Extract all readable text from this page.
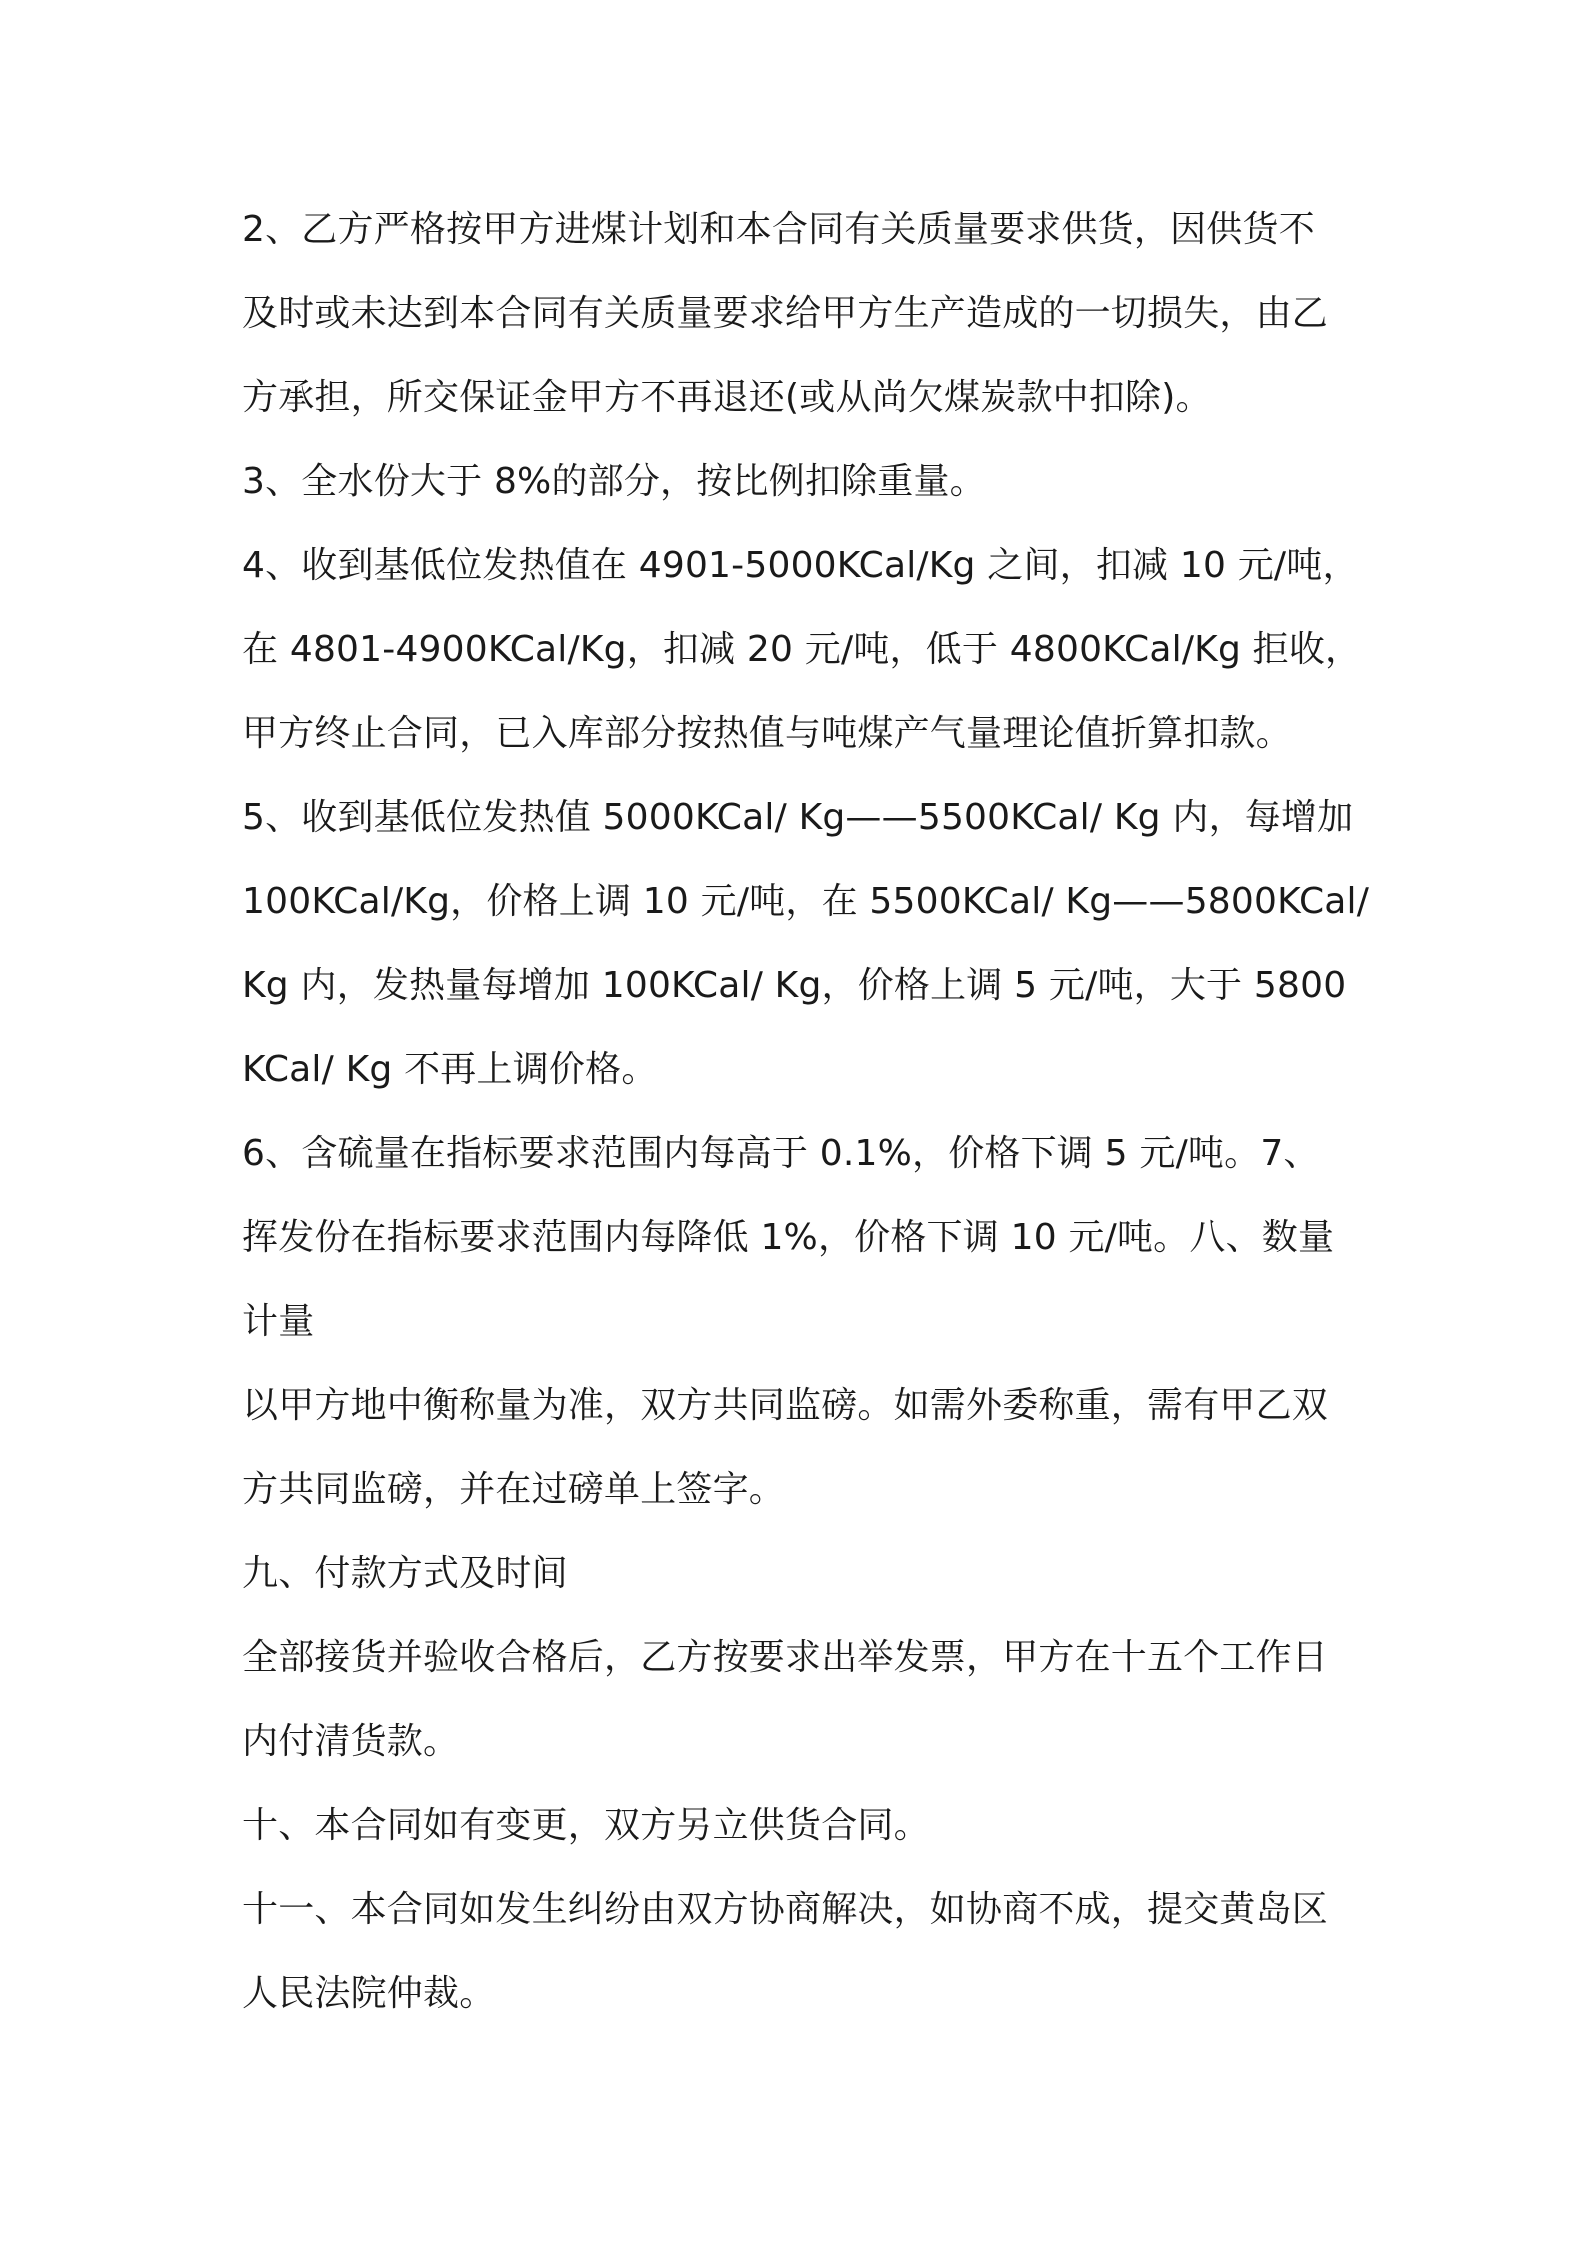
2、乙方严格按甲方进煤计划和本合同有关质量要求供货，因供货不
及时或未达到本合同有关质量要求给甲方生产造成的一切损失，由乙
方承担，所交保证金甲方不再退还(或从尚欠煤炭款中扣除)。
3、全水份大于 8%的部分，按比例扣除重量。
4、收到基低位发热值在 4901-5000KCal/Kg 之间，扣减 10 元/吨，
在 4801-4900KCal/Kg，扣减 20 元/吨，低于 4800KCal/Kg 拒收，
甲方终止合同，已入库部分按热值与吨煤产气量理论值折算扣款。
5、收到基低位发热值 5000KCal/ Kg——5500KCal/ Kg 内，每增加
100KCal/Kg，价格上调 10 元/吨，在 5500KCal/ Kg——5800KCal/
Kg 内，发热量每增加 100KCal/ Kg，价格上调 5 元/吨，大于 5800
KCal/ Kg 不再上调价格。
6、含硫量在指标要求范围内每高于 0.1%，价格下调 5 元/吨。7、
挥发份在指标要求范围内每降低 1%，价格下调 10 元/吨。八、数量
计量
以甲方地中衡称量为准，双方共同监磅。如需外委称重，需有甲乙双
方共同监磅，并在过磅单上签字。
九、付款方式及时间
全部接货并验收合格后，乙方按要求出举发票，甲方在十五个工作日
内付清货款。
十、本合同如有变更，双方另立供货合同。
十一、本合同如发生纠纷由双方协商解决，如协商不成，提交黄岛区
人民法院仲裁。
